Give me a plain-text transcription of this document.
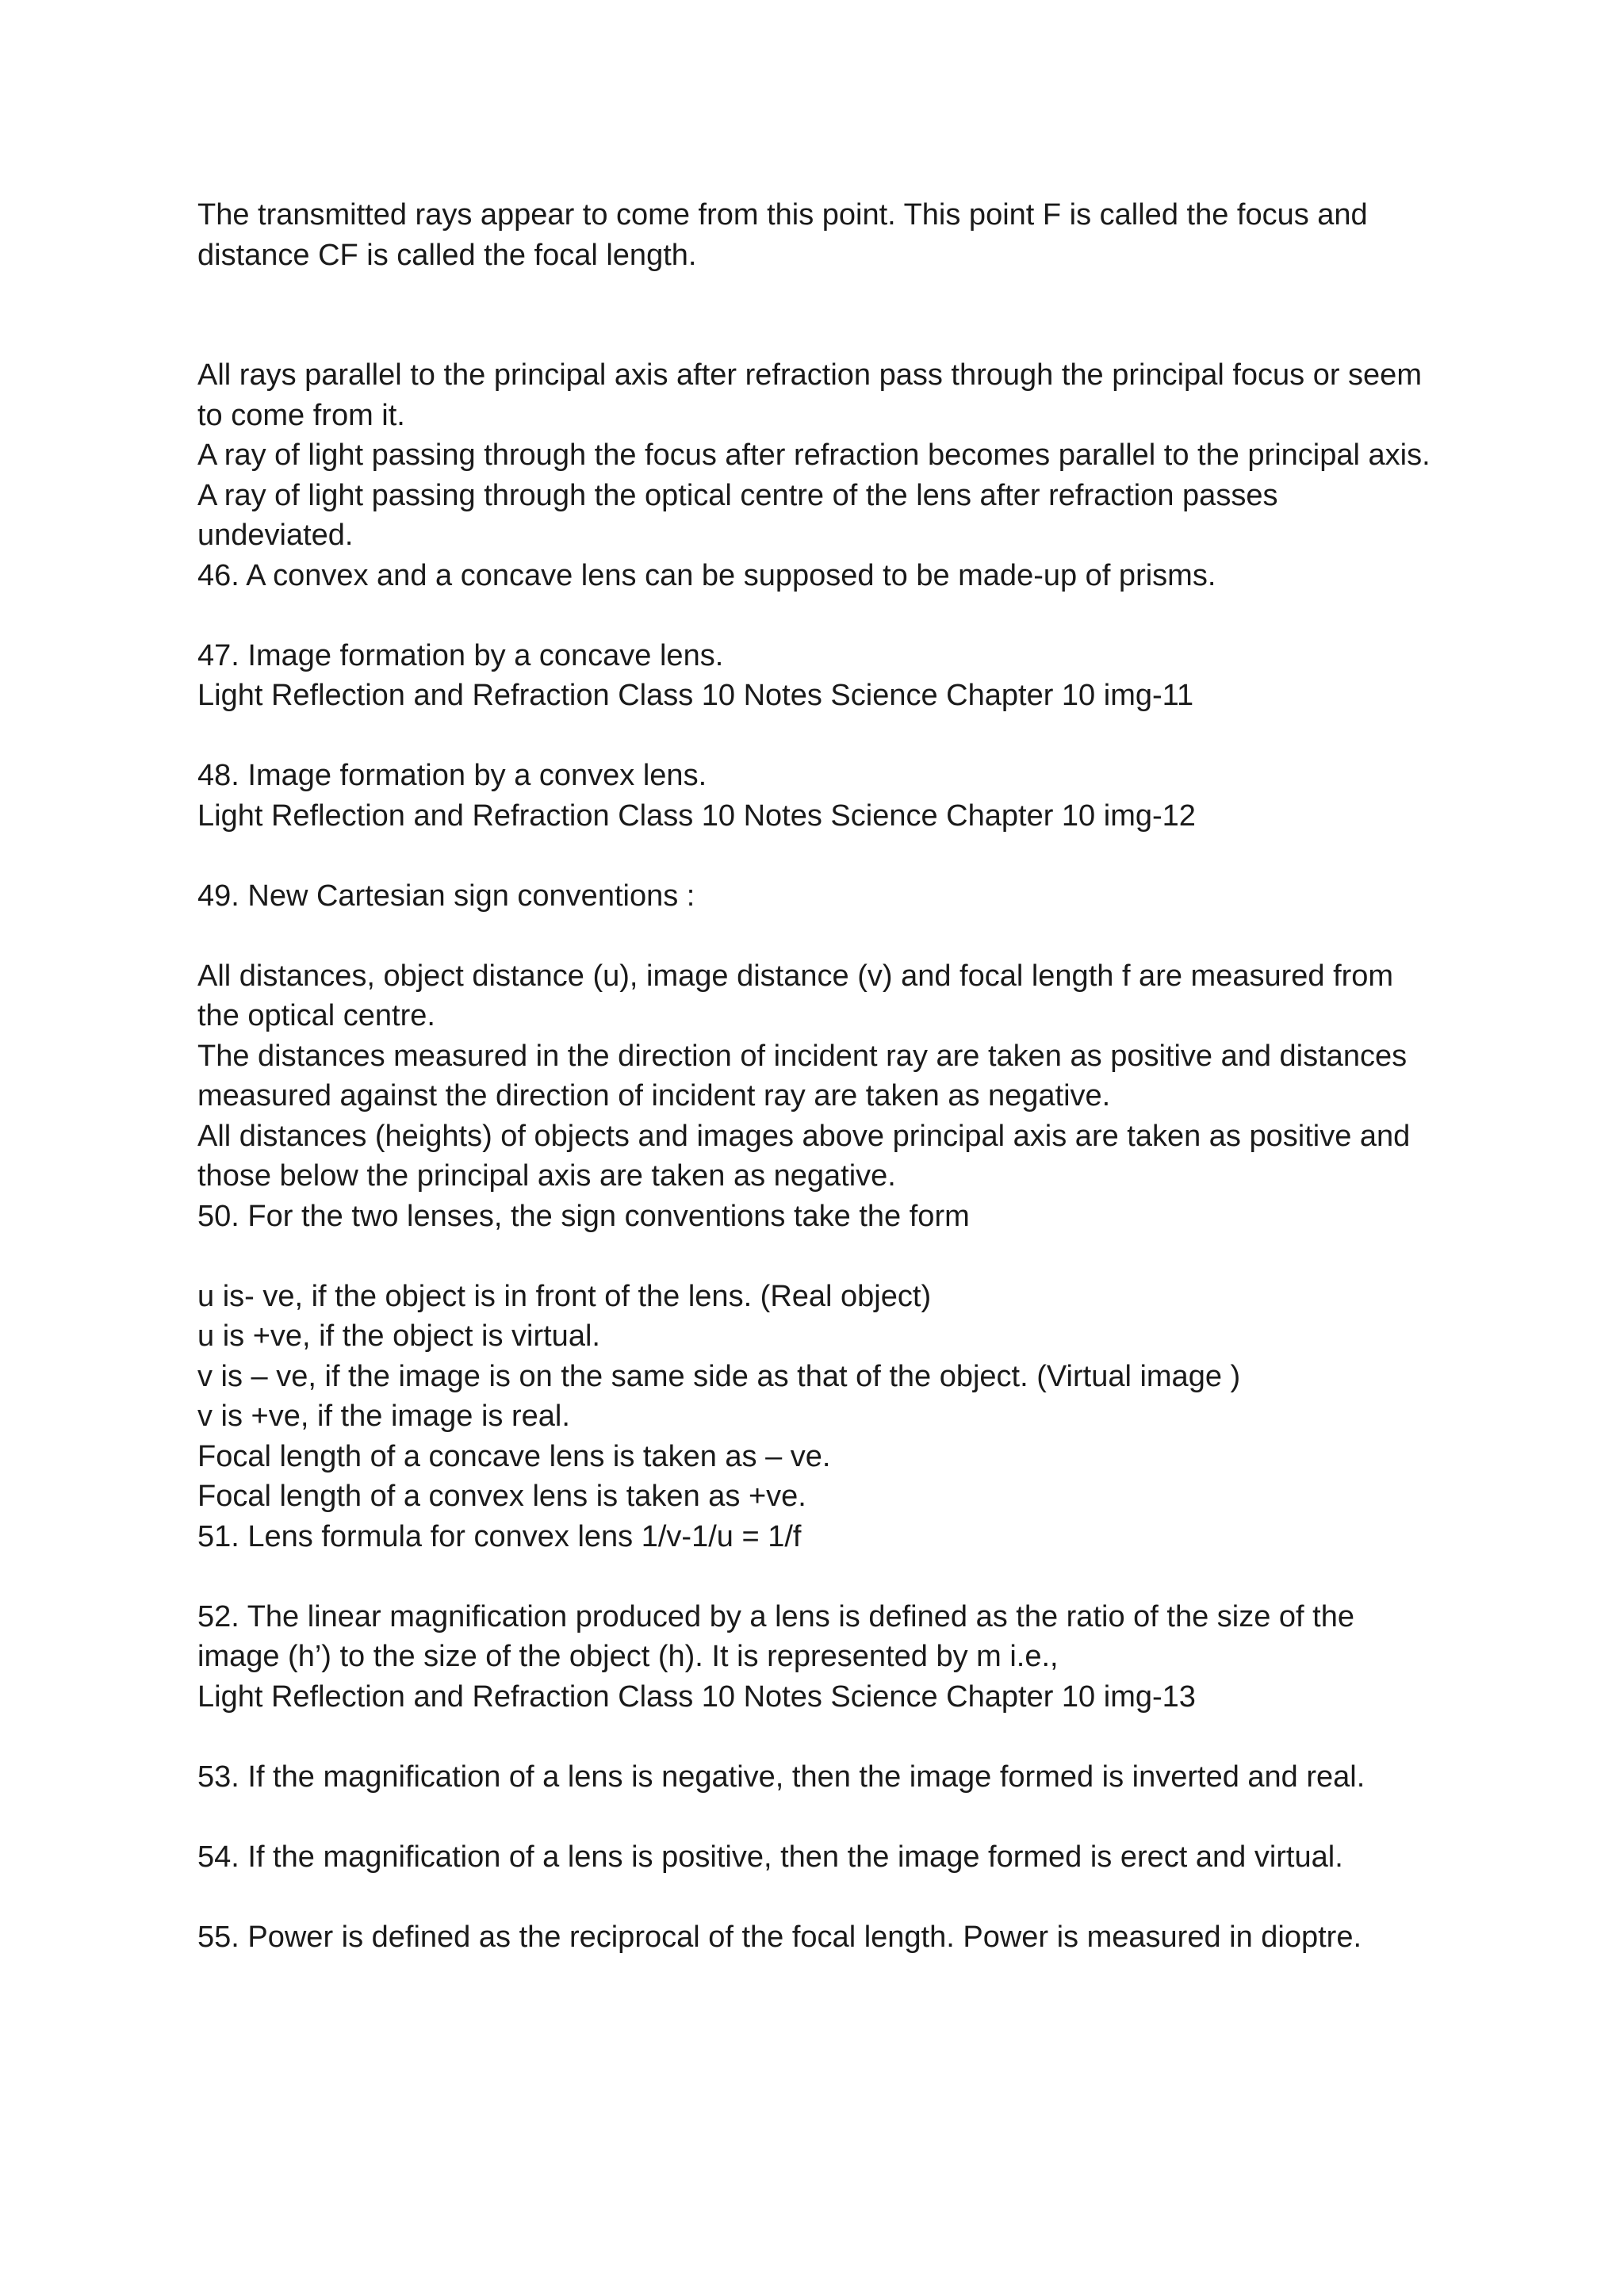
The transmitted rays appear to come from this point. This point F is called the focus and
distance CF is called the focal length.

All rays parallel to the principal axis after refraction pass through the principal focus or seem
to come from it.
A ray of light passing through the focus after refraction becomes parallel to the principal axis.
A ray of light passing through the optical centre of the lens after refraction passes
undeviated.
46. A convex and a concave lens can be supposed to be made-up of prisms.

47. Image formation by a concave lens.
Light Reflection and Refraction Class 10 Notes Science Chapter 10 img-11

48. Image formation by a convex lens.
Light Reflection and Refraction Class 10 Notes Science Chapter 10 img-12

49. New Cartesian sign conventions :

All distances, object distance (u), image distance (v) and focal length f are measured from
the optical centre.
The distances measured in the direction of incident ray are taken as positive and distances
measured against the direction of incident ray are taken as negative.
All distances (heights) of objects and images above principal axis are taken as positive and
those below the principal axis are taken as negative.
50. For the two lenses, the sign conventions take the form

u is- ve, if the object is in front of the lens. (Real object)
u is +ve, if the object is virtual.
v is – ve, if the image is on the same side as that of the object. (Virtual image )
v is +ve, if the image is real.
Focal length of a concave lens is taken as – ve.
Focal length of a convex lens is taken as +ve.
51. Lens formula for convex lens 1/v-1/u = 1/f

52. The linear magnification produced by a lens is defined as the ratio of the size of the
image (h’) to the size of the object (h). It is represented by m i.e.,
Light Reflection and Refraction Class 10 Notes Science Chapter 10 img-13

53. If the magnification of a lens is negative, then the image formed is inverted and real.

54. If the magnification of a lens is positive, then the image formed is erect and virtual.

55. Power is defined as the reciprocal of the focal length. Power is measured in dioptre.
